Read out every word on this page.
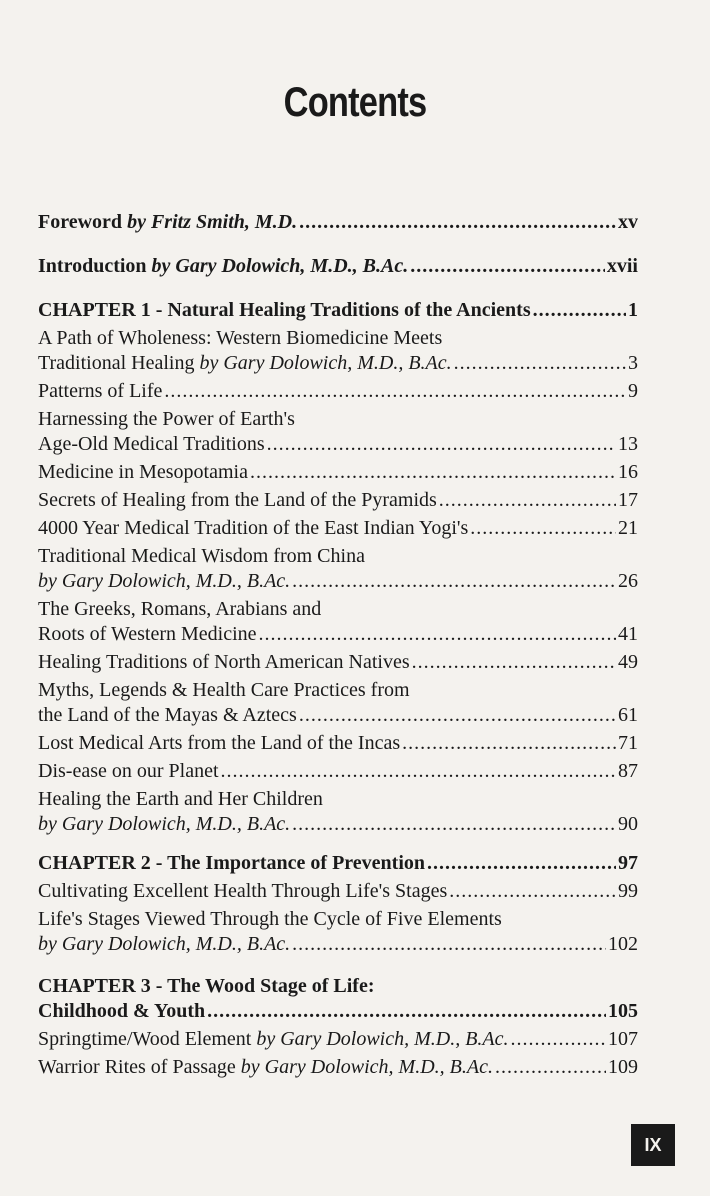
Contents
Foreword by Fritz Smith, M.D. .....	xv
Introduction by Gary Dolowich, M.D., B.Ac. .....	xvii
CHAPTER 1 - Natural Healing Traditions of the Ancients .....	1
A Path of Wholeness: Western Biomedicine Meets
Traditional Healing by Gary Dolowich, M.D., B.Ac. .....	3
Patterns of Life .....	9
Harnessing the Power of Earth's
Age-Old Medical Traditions .....	13
Medicine in Mesopotamia .....	16
Secrets of Healing from the Land of the Pyramids .....	17
4000 Year Medical Tradition of the East Indian Yogi's .....	21
Traditional Medical Wisdom from China
by Gary Dolowich, M.D., B.Ac. .....	26
The Greeks, Romans, Arabians and
Roots of Western Medicine .....	41
Healing Traditions of North American Natives .....	49
Myths, Legends & Health Care Practices from
the Land of the Mayas & Aztecs .....	61
Lost Medical Arts from the Land of the Incas .....	71
Dis-ease on our Planet .....	87
Healing the Earth and Her Children
by Gary Dolowich, M.D., B.Ac. .....	90
CHAPTER 2 - The Importance of Prevention .....	97
Cultivating Excellent Health Through Life's Stages .....	99
Life's Stages Viewed Through the Cycle of Five Elements
by Gary Dolowich, M.D., B.Ac. .....	102
CHAPTER 3 - The Wood Stage of Life:
Childhood & Youth .....	105
Springtime/Wood Element by Gary Dolowich, M.D., B.Ac. .....	107
Warrior Rites of Passage by Gary Dolowich, M.D., B.Ac. .....	109
IX
